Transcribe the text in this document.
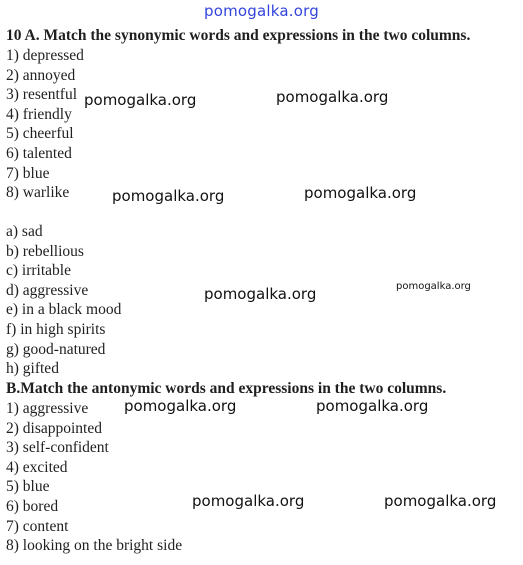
pomogalka.org
10 A. Match the synonymic words and expressions in the two columns.
1) depressed
2) annoyed
3) resentful
4) friendly
5) cheerful
6) talented
7) blue
8) warlike
a) sad
b) rebellious
c) irritable
d) aggressive
e) in a black mood
f) in high spirits
g) good-natured
h) gifted
B.Match the antonymic words and expressions in the two columns.
1) aggressive
2) disappointed
3) self-confident
4) excited
5) blue
6) bored
7) content
8) looking on the bright side
pomogalka.org	pomogalka.org
pomogalka.org	pomogalka.org
pomogalka.org	pomogalka.org
pomogalka.org	pomogalka.org
pomogalka.org	pomogalka.org
